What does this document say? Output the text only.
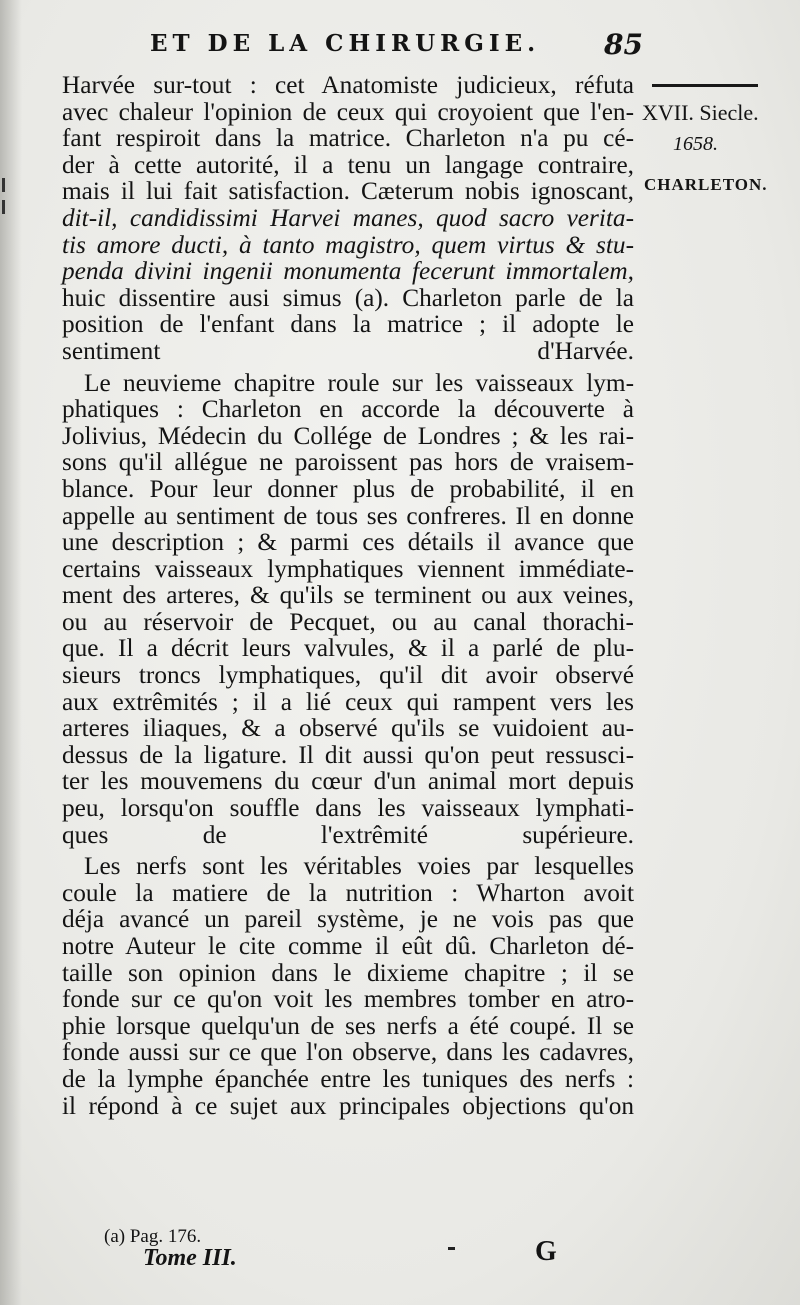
ET DE LA CHIRURGIE.	85
XVII. Siecle.
1658.
CHARLETON.
Harvée sur-tout : cet Anatomiste judicieux, réfuta
avec chaleur l'opinion de ceux qui croyoient que l'en-
fant respiroit dans la matrice. Charleton n'a pu cé-
der à cette autorité, il a tenu un langage contraire,
mais il lui fait satisfaction. Cæterum nobis ignoscant,
dit-il, candidissimi Harvei manes, quod sacro verita-
tis amore ducti, à tanto magistro, quem virtus & stu-
penda divini ingenii monumenta fecerunt immortalem,
huic dissentire ausi simus (a). Charleton parle de la
position de l'enfant dans la matrice ; il adopte le
sentiment d'Harvée.
Le neuvieme chapitre roule sur les vaisseaux lym-
phatiques : Charleton en accorde la découverte à
Jolivius, Médecin du Collége de Londres ; & les rai-
sons qu'il allégue ne paroissent pas hors de vraisem-
blance. Pour leur donner plus de probabilité, il en
appelle au sentiment de tous ses confreres. Il en donne
une description ; & parmi ces détails il avance que
certains vaisseaux lymphatiques viennent immédiate-
ment des arteres, & qu'ils se terminent ou aux veines,
ou au réservoir de Pecquet, ou au canal thorachi-
que. Il a décrit leurs valvules, & il a parlé de plu-
sieurs troncs lymphatiques, qu'il dit avoir observé
aux extrêmités ; il a lié ceux qui rampent vers les
arteres iliaques, & a observé qu'ils se vuidoient au-
dessus de la ligature. Il dit aussi qu'on peut ressusci-
ter les mouvemens du cœur d'un animal mort depuis
peu, lorsqu'on souffle dans les vaisseaux lymphati-
ques de l'extrêmité supérieure.
Les nerfs sont les véritables voies par lesquelles
coule la matiere de la nutrition : Wharton avoit
déja avancé un pareil système, je ne vois pas que
notre Auteur le cite comme il eût dû. Charleton dé-
taille son opinion dans le dixieme chapitre ; il se
fonde sur ce qu'on voit les membres tomber en atro-
phie lorsque quelqu'un de ses nerfs a été coupé. Il se
fonde aussi sur ce que l'on observe, dans les cadavres,
de la lymphe épanchée entre les tuniques des nerfs :
il répond à ce sujet aux principales objections qu'on
(a) Pag. 176.
Tome III.	G
